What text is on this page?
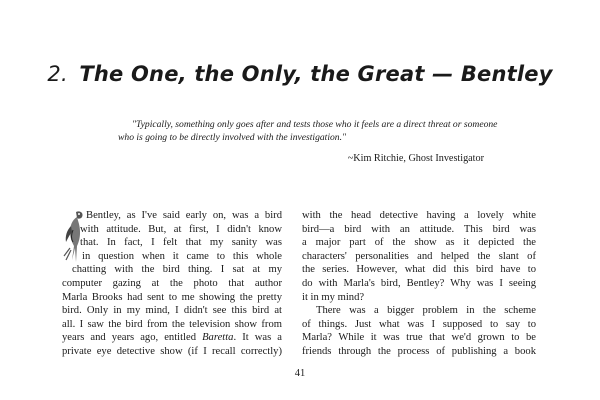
2. The One, the Only, the Great — Bentley

"Typically, something only goes after and tests those who it feels are a direct threat or someone who is going to be directly involved with the investigation."

~Kim Ritchie, Ghost Investigator

Bentley, as I've said early on, was a bird
with attitude. But, at first, I didn't know
that. In fact, I felt that my sanity was
in question when it came to this whole
chatting with the bird thing. I sat at my
computer gazing at the photo that author
Marla Brooks had sent to me showing the pretty
bird. Only in my mind, I didn't see this bird at
all. I saw the bird from the television show from
years and years ago, entitled Baretta. It was a
private eye detective show (if I recall correctly)
with the head detective having a lovely white
bird—a bird with an attitude. This bird was
a major part of the show as it depicted the
characters' personalities and helped the slant of
the series. However, what did this bird have to
do with Marla's bird, Bentley? Why was I seeing
it in my mind?
There was a bigger problem in the scheme
of things. Just what was I supposed to say to
Marla? While it was true that we'd grown to be
friends through the process of publishing a book

41
